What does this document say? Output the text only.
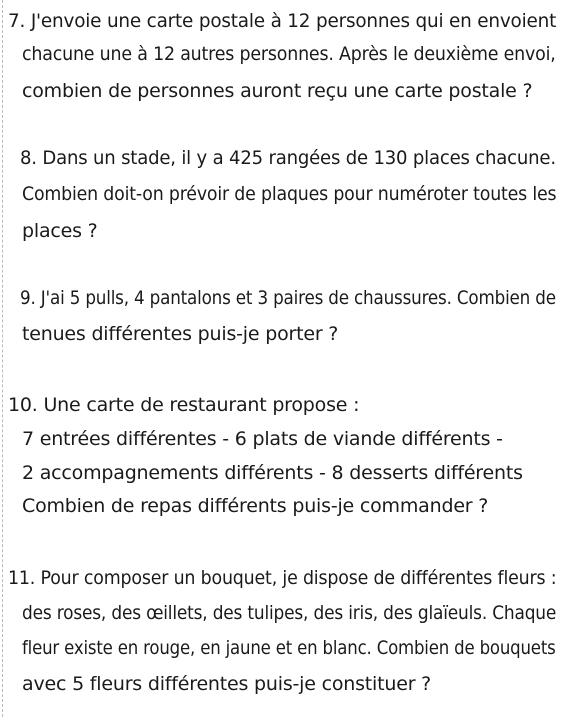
7. J'envoie une carte postale à 12 personnes qui en envoient
chacune une à 12 autres personnes. Après le deuxième envoi,
combien de personnes auront reçu une carte postale ?
8. Dans un stade, il y a 425 rangées de 130 places chacune.
Combien doit-on prévoir de plaques pour numéroter toutes les
places ?
9. J'ai 5 pulls, 4 pantalons et 3 paires de chaussures. Combien de
tenues différentes puis-je porter ?
10. Une carte de restaurant propose :
7 entrées différentes - 6 plats de viande différents -
2 accompagnements différents - 8 desserts différents
Combien de repas différents puis-je commander ?
11. Pour composer un bouquet, je dispose de différentes fleurs :
des roses, des œillets, des tulipes, des iris, des glaïeuls. Chaque
fleur existe en rouge, en jaune et en blanc. Combien de bouquets
avec 5 fleurs différentes puis-je constituer ?
